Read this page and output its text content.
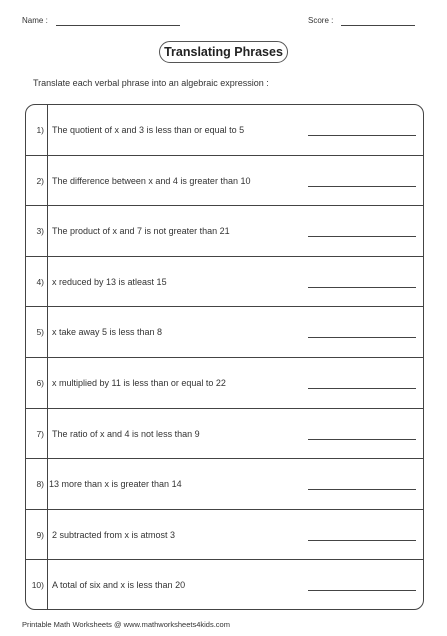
Name :	Score :
Translating Phrases
Translate each verbal phrase into an algebraic expression :
1) The quotient of x and 3 is less than or equal to 5
2) The difference between x and 4 is greater than 10
3) The product of x and 7 is not greater than 21
4) x reduced by 13 is atleast 15
5) x take away 5 is less than 8
6) x multiplied by 11 is less than or equal to 22
7) The ratio of x and 4 is not less than 9
8) 13 more than x is greater than 14
9) 2 subtracted from x is atmost 3
10) A total of six and x is less than 20
Printable Math Worksheets @ www.mathworksheets4kids.com
